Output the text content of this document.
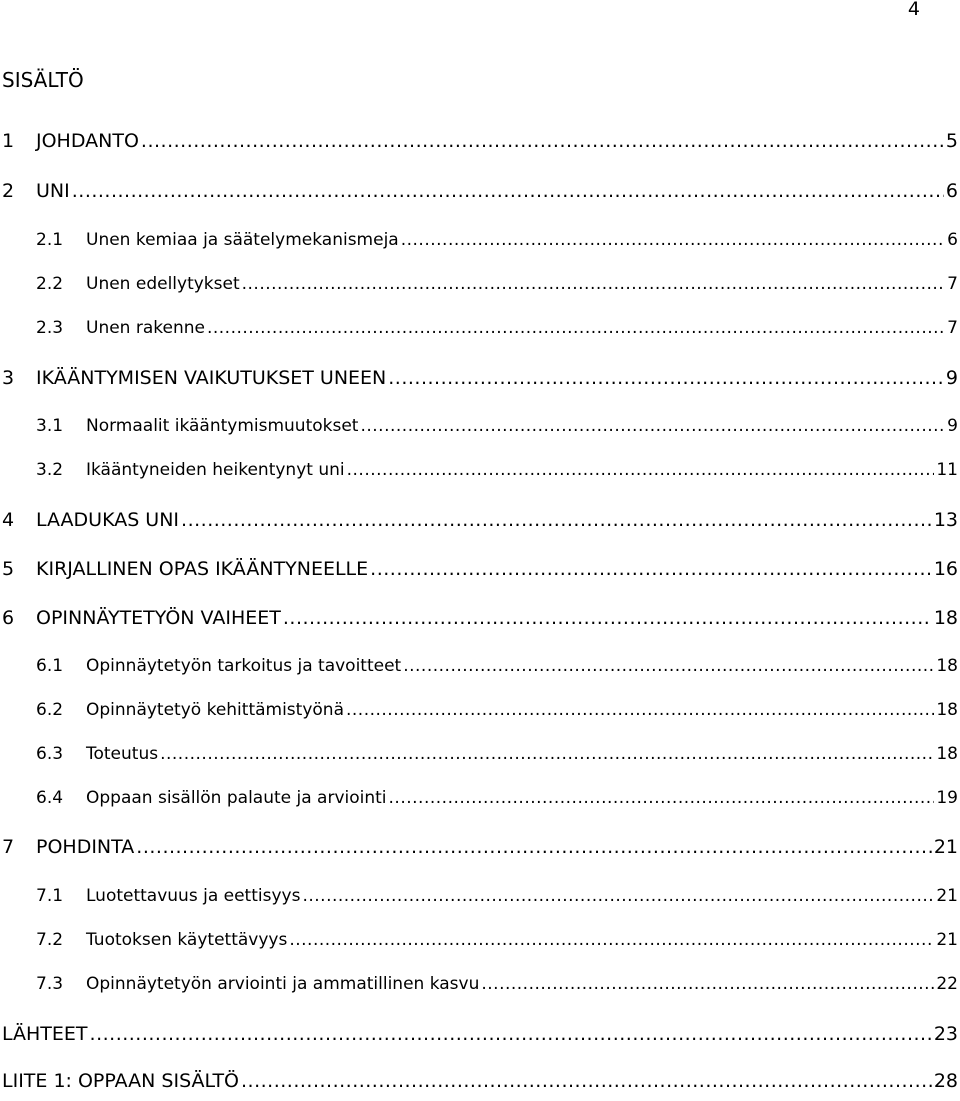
4
SISÄLTÖ
1	JOHDANTO .....	5
2	UNI .....	6
2.1	Unen kemiaa ja säätelymekanismeja .....	6
2.2	Unen edellytykset .....	7
2.3	Unen rakenne .....	7
3	IKÄÄNTYMISEN VAIKUTUKSET UNEEN .....	9
3.1	Normaalit ikääntymismuutokset .....	9
3.2	Ikääntyneiden heikentynyt uni .....	11
4	LAADUKAS UNI .....	13
5	KIRJALLINEN OPAS IKÄÄNTYNEELLE .....	16
6	OPINNÄYTETYÖN VAIHEET .....	18
6.1	Opinnäytetyön tarkoitus ja tavoitteet .....	18
6.2	Opinnäytetyö kehittämistyönä .....	18
6.3	Toteutus .....	18
6.4	Oppaan sisällön palaute ja arviointi .....	19
7	POHDINTA .....	21
7.1	Luotettavuus ja eettisyys .....	21
7.2	Tuotoksen käytettävyys .....	21
7.3	Opinnäytetyön arviointi ja ammatillinen kasvu .....	22
LÄHTEET .....	23
LIITE 1: OPPAAN SISÄLTÖ .....	28
